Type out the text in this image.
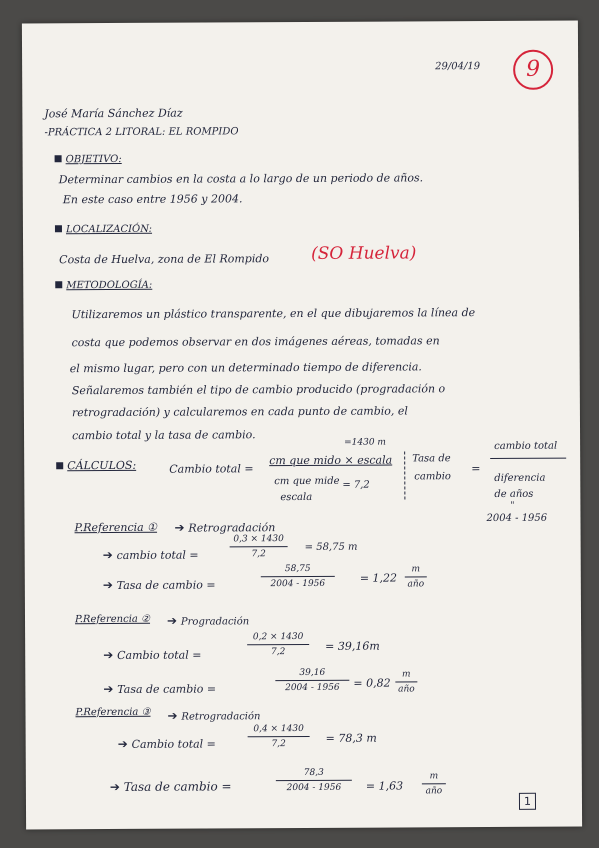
29/04/19	9
José María Sánchez Díaz
-PRÁCTICA 2 LITORAL: EL ROMPIDO
OBJETIVO:
Determinar cambios en la costa a lo largo de un periodo de años.
En este caso entre 1956 y 2004.
LOCALIZACIÓN:
Costa de Huelva, zona de El Rompido (SO Huelva)
METODOLOGÍA:
Utilizaremos un plástico transparente, en el que dibujaremos la línea de
costa que podemos observar en dos imágenes aéreas, tomadas en
el mismo lugar, pero con un determinado tiempo de diferencia.
Señalaremos también el tipo de cambio producido (progradación o
retrogradación) y calcularemos en cada punto de cambio, el
cambio total y la tasa de cambio.
CÁLCULOS:	Cambio total =
=1430 m
cm que mido × escala
cm que mide = 7,2
escala
Tasa de
cambio
=
cambio total
diferencia
de años
"
2004 - 1956
P.Referencia ① ➔ Retrogradación
➔ cambio total =
0,3 × 1430
7,2
= 58,75 m
➔ Tasa de cambio =
58,75
2004 - 1956	= 1,22
m
año
P.Referencia ② ➔ Progradación
➔ Cambio total =
0,2 × 1430
7,2	= 39,16m
➔ Tasa de cambio =
39,16
2004 - 1956	= 0,82
m
año
P.Referencia ③ ➔ Retrogradación
➔ Cambio total =
0,4 × 1430
7,2	= 78,3 m
➔ Tasa de cambio =
78,3
2004 - 1956	= 1,63
m
año
1
